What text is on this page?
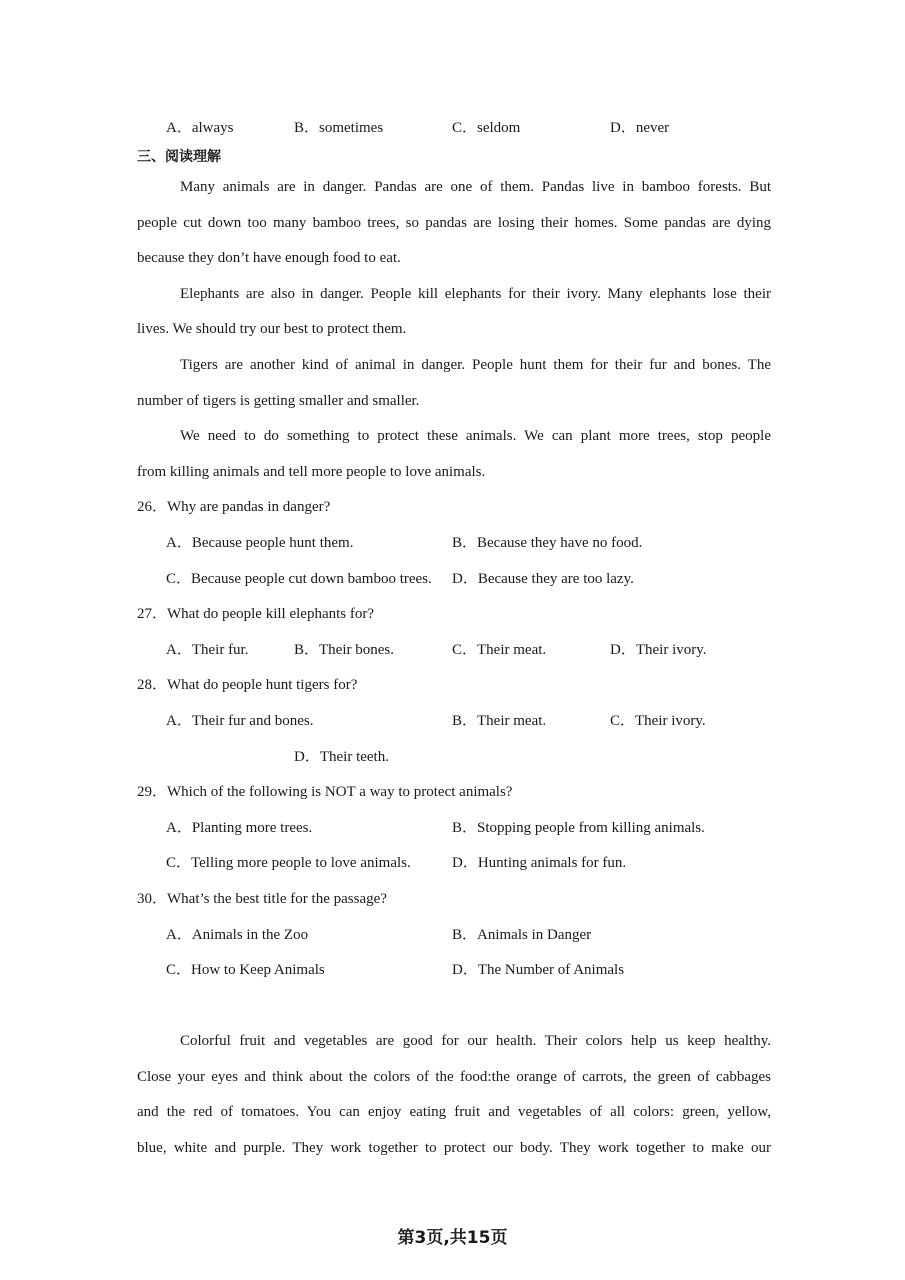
A．always	B．sometimes	C．seldom	D．never
三、阅读理解
Many animals are in danger. Pandas are one of them. Pandas live in bamboo forests. But
people cut down too many bamboo trees, so pandas are losing their homes. Some pandas are dying
because they don’t have enough food to eat.
Elephants are also in danger. People kill elephants for their ivory. Many elephants lose their
lives. We should try our best to protect them.
Tigers are another kind of animal in danger. People hunt them for their fur and bones. The
number of tigers is getting smaller and smaller.
We need to do something to protect these animals. We can plant more trees, stop people
from killing animals and tell more people to love animals.
26．Why are pandas in danger?
A．Because people hunt them.	B．Because they have no food.
C．Because people cut down bamboo trees. D．Because they are too lazy.
27．What do people kill elephants for?
A．Their fur.	B．Their bones.	C．Their meat.	D．Their ivory.
28．What do people hunt tigers for?
A．Their fur and bones.	B．Their meat.	C．Their ivory.
D．Their teeth.
29．Which of the following is NOT a way to protect animals?
A．Planting more trees.	B．Stopping people from killing animals.
C．Telling more people to love animals.	D．Hunting animals for fun.
30．What’s the best title for the passage?
A．Animals in the Zoo	B．Animals in Danger
C．How to Keep Animals	D．The Number of Animals
Colorful fruit and vegetables are good for our health. Their colors help us keep healthy.
Close your eyes and think about the colors of the food:the orange of carrots, the green of cabbages
and the red of tomatoes. You can enjoy eating fruit and vegetables of all colors: green, yellow,
blue, white and purple. They work together to protect our body. They work together to make our
第3页,共15页
